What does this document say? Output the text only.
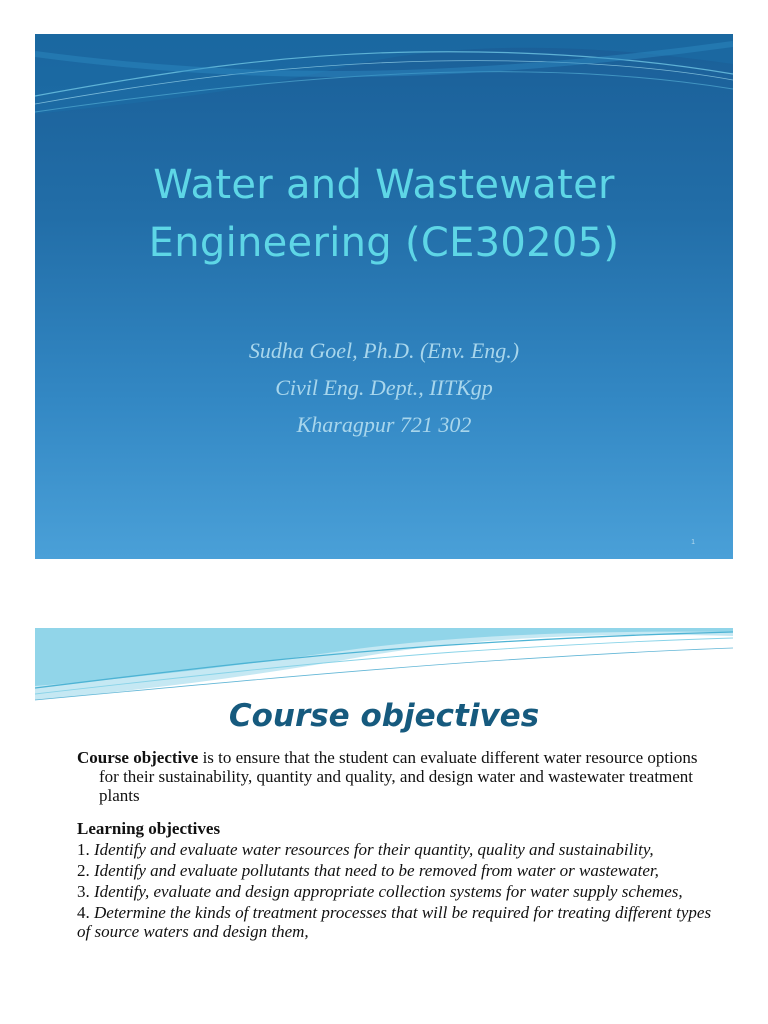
Water and Wastewater
Engineering (CE30205)
Sudha Goel, Ph.D. (Env. Eng.)
Civil Eng. Dept., IITKgp
Kharagpur 721 302
1
Course objectives

Course objective is to ensure that the student can evaluate different water resource options for their sustainability, quantity and quality, and design water and wastewater treatment plants

Learning objectives
1. Identify and evaluate water resources for their quantity, quality and sustainability,
2. Identify and evaluate pollutants that need to be removed from water or wastewater,
3. Identify, evaluate and design appropriate collection systems for water supply schemes,
4. Determine the kinds of treatment processes that will be required for treating different types of source waters and design them,
